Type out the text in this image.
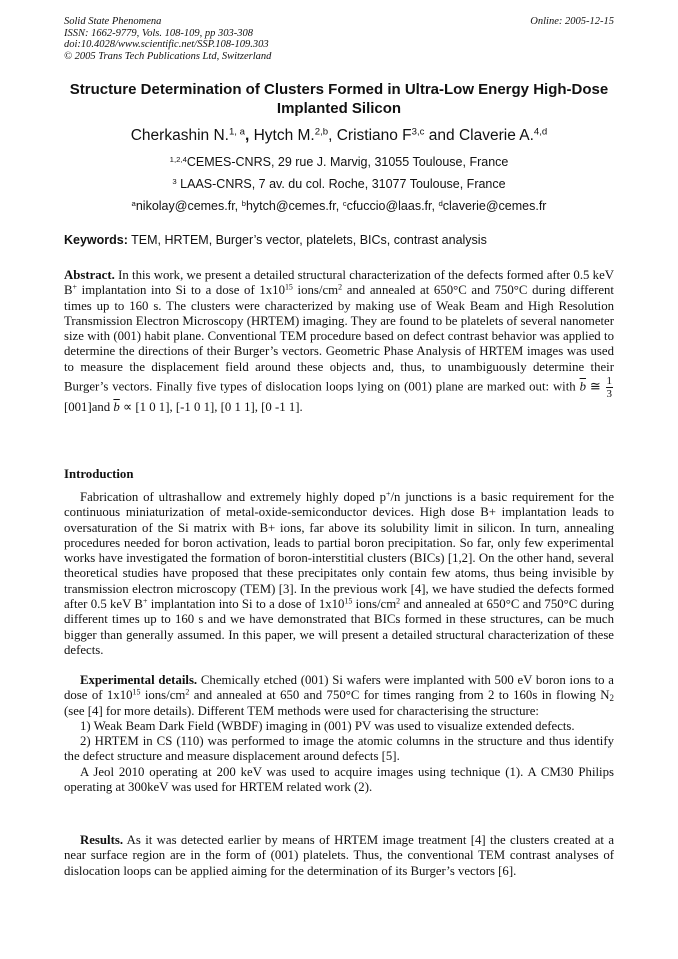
Solid State Phenomena
ISSN: 1662-9779, Vols. 108-109, pp 303-308
doi:10.4028/www.scientific.net/SSP.108-109.303
© 2005 Trans Tech Publications Ltd, Switzerland
Online: 2005-12-15
Structure Determination of Clusters Formed in Ultra-Low Energy High-Dose Implanted Silicon
Cherkashin N.$^{1, a}$, Hytch M.$^{2,b}$, Cristiano F$^{3,c}$ and Claverie A.$^{4,d}$
$^{1,2,4}$CEMES-CNRS, 29 rue J. Marvig, 31055 Toulouse, France
$^3$ LAAS-CNRS, 7 av. du col. Roche, 31077 Toulouse, France
$^a$nikolay@cemes.fr, $^b$hytch@cemes.fr, $^c$cfuccio@laas.fr, $^d$claverie@cemes.fr
Keywords: TEM, HRTEM, Burger’s vector, platelets, BICs, contrast analysis
Abstract. In this work, we present a detailed structural characterization of the defects formed after 0.5 keV B+ implantation into Si to a dose of $1x10^{15}$ ions/$cm^2$ and annealed at 650°C and 750°C during different times up to 160 s. The clusters were characterized by making use of Weak Beam and High Resolution Transmission Electron Microscopy (HRTEM) imaging. They are found to be platelets of several nanometer size with (001) habit plane. Conventional TEM procedure based on defect contrast behavior was applied to determine the directions of their Burger’s vectors. Geometric Phase Analysis of HRTEM images was used to measure the displacement field around these objects and, thus, to unambiguously determine their Burger’s vectors. Finally five types of dislocation loops lying on (001) plane are marked out: with $\overline{b}$ ≅ $\frac{1}{3}$
[001]and $\overline{b} \propto [1$ 0 1], [-1 0 1], [0 1 1], [0 -1 1].
Introduction
Fabrication of ultrashallow and extremely highly doped p+/n junctions is a basic requirement for the continuous miniaturization of metal-oxide-semiconductor devices. High dose B+ implantation leads to oversaturation of the Si matrix with B+ ions, far above its solubility limit in silicon. In turn, annealing procedures needed for boron activation, leads to partial boron precipitation. So far, only few experimental works have investigated the formation of boron-interstitial clusters (BICs) [1,2]. On the other hand, several theoretical studies have proposed that these precipitates only contain few atoms, thus being invisible by transmission electron microscopy (TEM) [3]. In the previous work [4], we have studied the defects formed after 0.5 keV B+ implantation into Si to a dose of $1x10^{15}$ ions/$cm^2$ and annealed at 650°C and 750°C during different times up to 160 s and we have demonstrated that BICs formed in these structures, can be much bigger than generally assumed. In this paper, we will present a detailed structural characterization of these defects.

Experimental details. Chemically etched (001) Si wafers were implanted with 500 eV boron ions to a dose of $1x10^{15}$ ions/$cm^2$ and annealed at 650 and 750°C for times ranging from 2 to 160s in flowing $N_2$ (see [4] for more details). Different TEM methods were used for characterising the structure:

1) Weak Beam Dark Field (WBDF) imaging in (001) PV was used to visualize extended defects.

2) HRTEM in CS (110) was performed to image the atomic columns in the structure and thus identify the defect structure and measure displacement around defects [5].

A Jeol 2010 operating at 200 keV was used to acquire images using technique (1). A CM30 Philips operating at 300keV was used for HRTEM related work (2).

Results. As it was detected earlier by means of HRTEM image treatment [4] the clusters created at a near surface region are in the form of (001) platelets. Thus, the conventional TEM contrast analyses of dislocation loops can be applied aiming for the determination of its Burger’s vectors [6].
